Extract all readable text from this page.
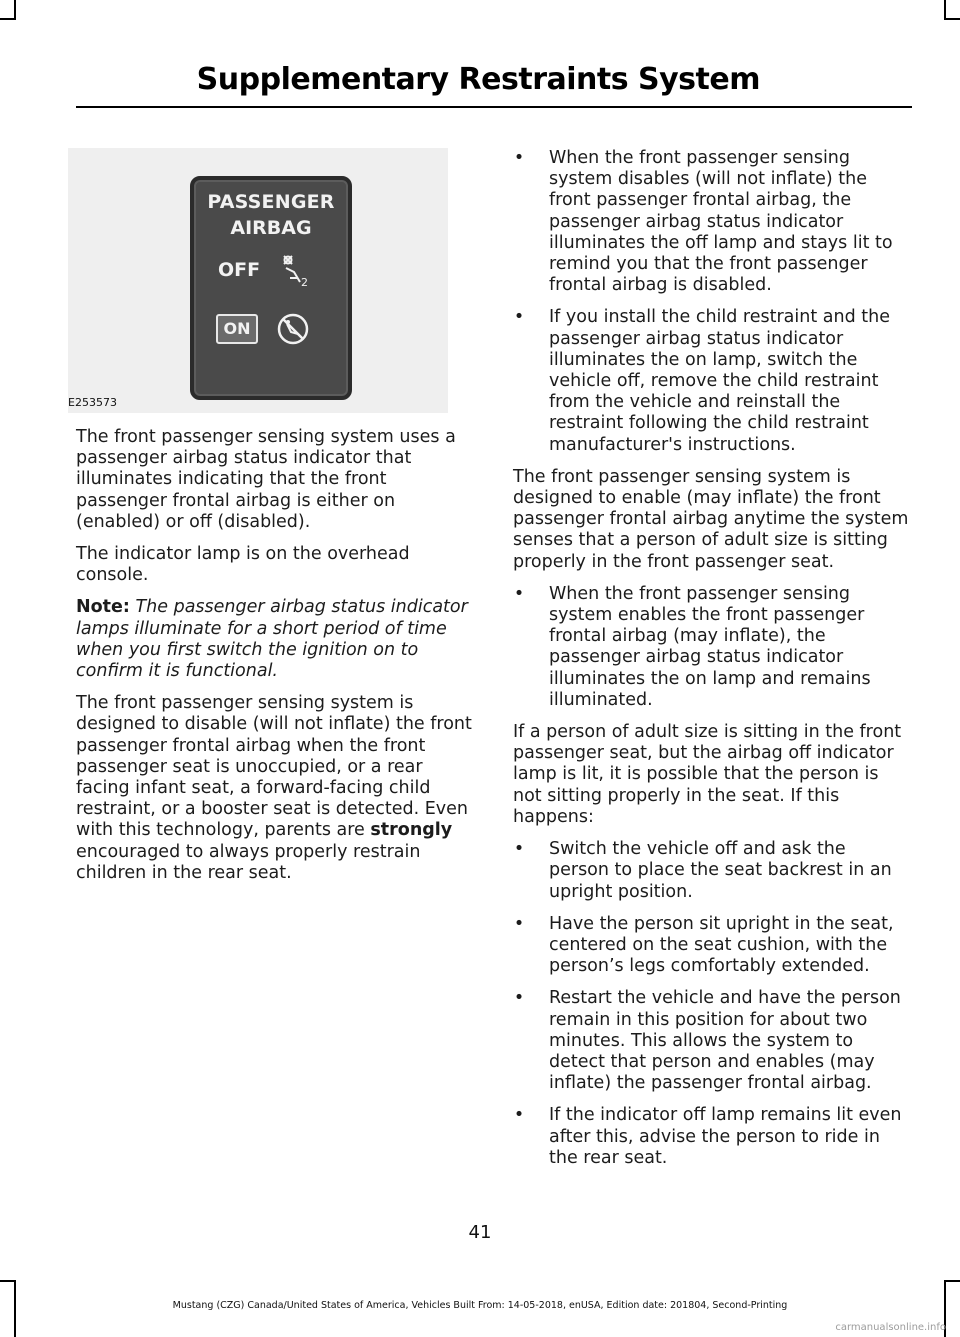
Supplementary Restraints System
PASSENGER
AIRBAG
OFF
2
ON
E253573

The front passenger sensing system uses a passenger airbag status indicator that illuminates indicating that the front passenger frontal airbag is either on (enabled) or off (disabled).

The indicator lamp is on the overhead console.

Note: The passenger airbag status indicator lamps illuminate for a short period of time when you first switch the ignition on to confirm it is functional.

The front passenger sensing system is designed to disable (will not inflate) the front passenger frontal airbag when the front passenger seat is unoccupied, or a rear facing infant seat, a forward-facing child restraint, or a booster seat is detected. Even with this technology, parents are strongly encouraged to always properly restrain children in the rear seat.

• When the front passenger sensing system disables (will not inflate) the front passenger frontal airbag, the passenger airbag status indicator illuminates the off lamp and stays lit to remind you that the front passenger frontal airbag is disabled.
• If you install the child restraint and the passenger airbag status indicator illuminates the on lamp, switch the vehicle off, remove the child restraint from the vehicle and reinstall the restraint following the child restraint manufacturer's instructions.

The front passenger sensing system is designed to enable (may inflate) the front passenger frontal airbag anytime the system senses that a person of adult size is sitting properly in the front passenger seat.

• When the front passenger sensing system enables the front passenger frontal airbag (may inflate), the passenger airbag status indicator illuminates the on lamp and remains illuminated.

If a person of adult size is sitting in the front passenger seat, but the airbag off indicator lamp is lit, it is possible that the person is not sitting properly in the seat. If this happens:

• Switch the vehicle off and ask the person to place the seat backrest in an upright position.
• Have the person sit upright in the seat, centered on the seat cushion, with the person’s legs comfortably extended.
• Restart the vehicle and have the person remain in this position for about two minutes. This allows the system to detect that person and enables (may inflate) the passenger frontal airbag.
• If the indicator off lamp remains lit even after this, advise the person to ride in the rear seat.
41
Mustang (CZG) Canada/United States of America, Vehicles Built From: 14-05-2018, enUSA, Edition date: 201804, Second-Printing
carmanualsonline.info
